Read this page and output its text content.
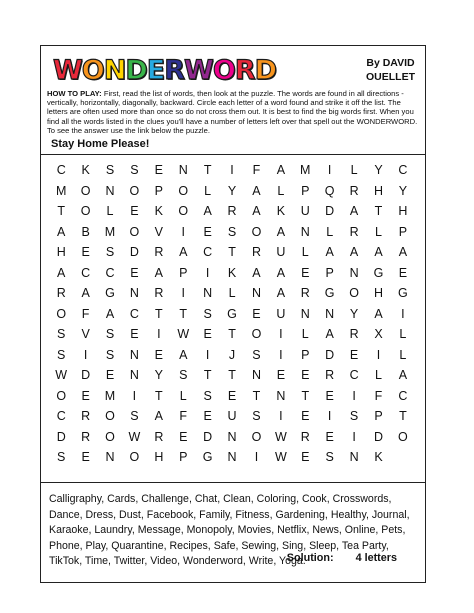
W O N D E R W O R D	By DAVID
OUELLET
HOW TO PLAY: First, read the list of words, then look at the puzzle. The words are found in all directions - vertically, horizontally, diagonally, backward. Circle each letter of a word found and strike it off the list. The letters are often used more than once so do not cross them out. It is best to find the big words first. When you find all the words listed in the clues you'll have a number of letters left over that spell out the WONDERWORD. To see the answer use the link below the puzzle.
Stay Home Please!
C	K	S	S	E	N	T	I	F	A	M	I	L	Y	C
M	O	N	O	P	O	L	Y	A	L	P	Q	R	H	Y
T	O	L	E	K	O	A	R	A	K	U	D	A	T	H
A	B	M	O	V	I	E	S	O	A	N	L	R	L	P
H	E	S	D	R	A	C	T	R	U	L	A	A	A	A
A	C	C	E	A	P	I	K	A	A	E	P	N	G	E
R	A	G	N	R	I	N	L	N	A	R	G	O	H	G
O	F	A	C	T	T	S	G	E	U	N	N	Y	A	I
S	V	S	E	I	W	E	T	O	I	L	A	R	X	L
S	I	S	N	E	A	I	J	S	I	P	D	E	I	L
W	D	E	N	Y	S	T	T	N	E	E	R	C	L	A
O	E	M	I	T	L	S	E	T	N	T	E	I	F	C
C	R	O	S	A	F	E	U	S	I	E	I	S	P	T
D	R	O	W	R	E	D	N	O	W	R	E	I	D	O
S	E	N	O	H	P	G	N	I	W	E	S	N	K
Calligraphy, Cards, Challenge, Chat, Clean, Coloring, Cook, Crosswords, Dance, Dress, Dust, Facebook, Family, Fitness, Gardening, Healthy, Journal, Karaoke, Laundry, Message, Monopoly, Movies, Netflix, News, Online, Pets, Phone, Play, Quarantine, Recipes, Safe, Sewing, Sing, Sleep, Tea Party, TikTok, Time, Twitter, Video, Wonderword, Write, Yoga.
Solution: 4 letters
